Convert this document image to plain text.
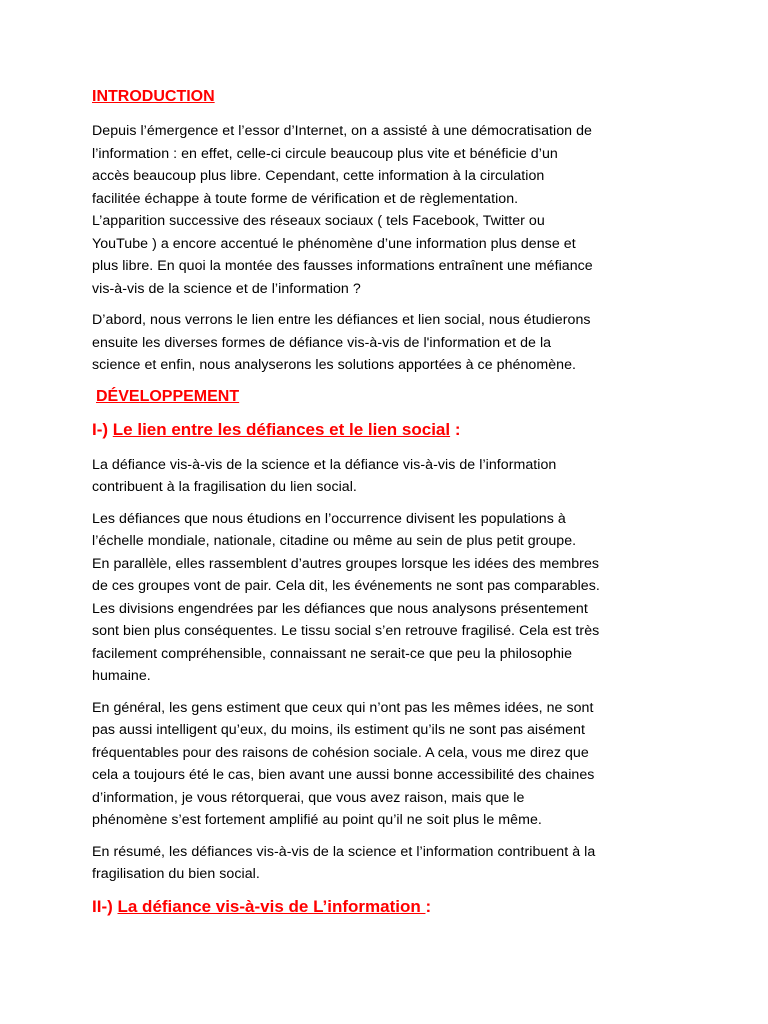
INTRODUCTION
Depuis l’émergence et l’essor d’Internet, on a assisté à une démocratisation de
l’information : en effet, celle-ci circule beaucoup plus vite et bénéficie d’un
accès beaucoup plus libre. Cependant, cette information à la circulation
facilitée échappe à toute forme de vérification et de règlementation.
L’apparition successive des réseaux sociaux ( tels Facebook, Twitter ou
YouTube ) a encore accentué le phénomène d’une information plus dense et
plus libre. En quoi la montée des fausses informations entraînent une méfiance
vis-à-vis de la science et de l’information ?
D’abord, nous verrons le lien entre les défiances et lien social, nous étudierons
ensuite les diverses formes de défiance vis-à-vis de l'information et de la
science et enfin, nous analyserons les solutions apportées à ce phénomène.
DÉVELOPPEMENT
I-) Le lien entre les défiances et le lien social :
La défiance vis-à-vis de la science et la défiance vis-à-vis de l’information
contribuent à la fragilisation du lien social.
Les défiances que nous étudions en l’occurrence divisent les populations à
l’échelle mondiale, nationale, citadine ou même au sein de plus petit groupe.
En parallèle, elles rassemblent d’autres groupes lorsque les idées des membres
de ces groupes vont de pair. Cela dit, les événements ne sont pas comparables.
Les divisions engendrées par les défiances que nous analysons présentement
sont bien plus conséquentes. Le tissu social s’en retrouve fragilisé. Cela est très
facilement compréhensible, connaissant ne serait-ce que peu la philosophie
humaine.
En général, les gens estiment que ceux qui n’ont pas les mêmes idées, ne sont
pas aussi intelligent qu’eux, du moins, ils estiment qu’ils ne sont pas aisément
fréquentables pour des raisons de cohésion sociale. A cela, vous me direz que
cela a toujours été le cas, bien avant une aussi bonne accessibilité des chaines
d’information, je vous rétorquerai, que vous avez raison, mais que le
phénomène s’est fortement amplifié au point qu’il ne soit plus le même.
En résumé, les défiances vis-à-vis de la science et l’information contribuent à la
fragilisation du bien social.
II-) La défiance vis-à-vis de L’information :
